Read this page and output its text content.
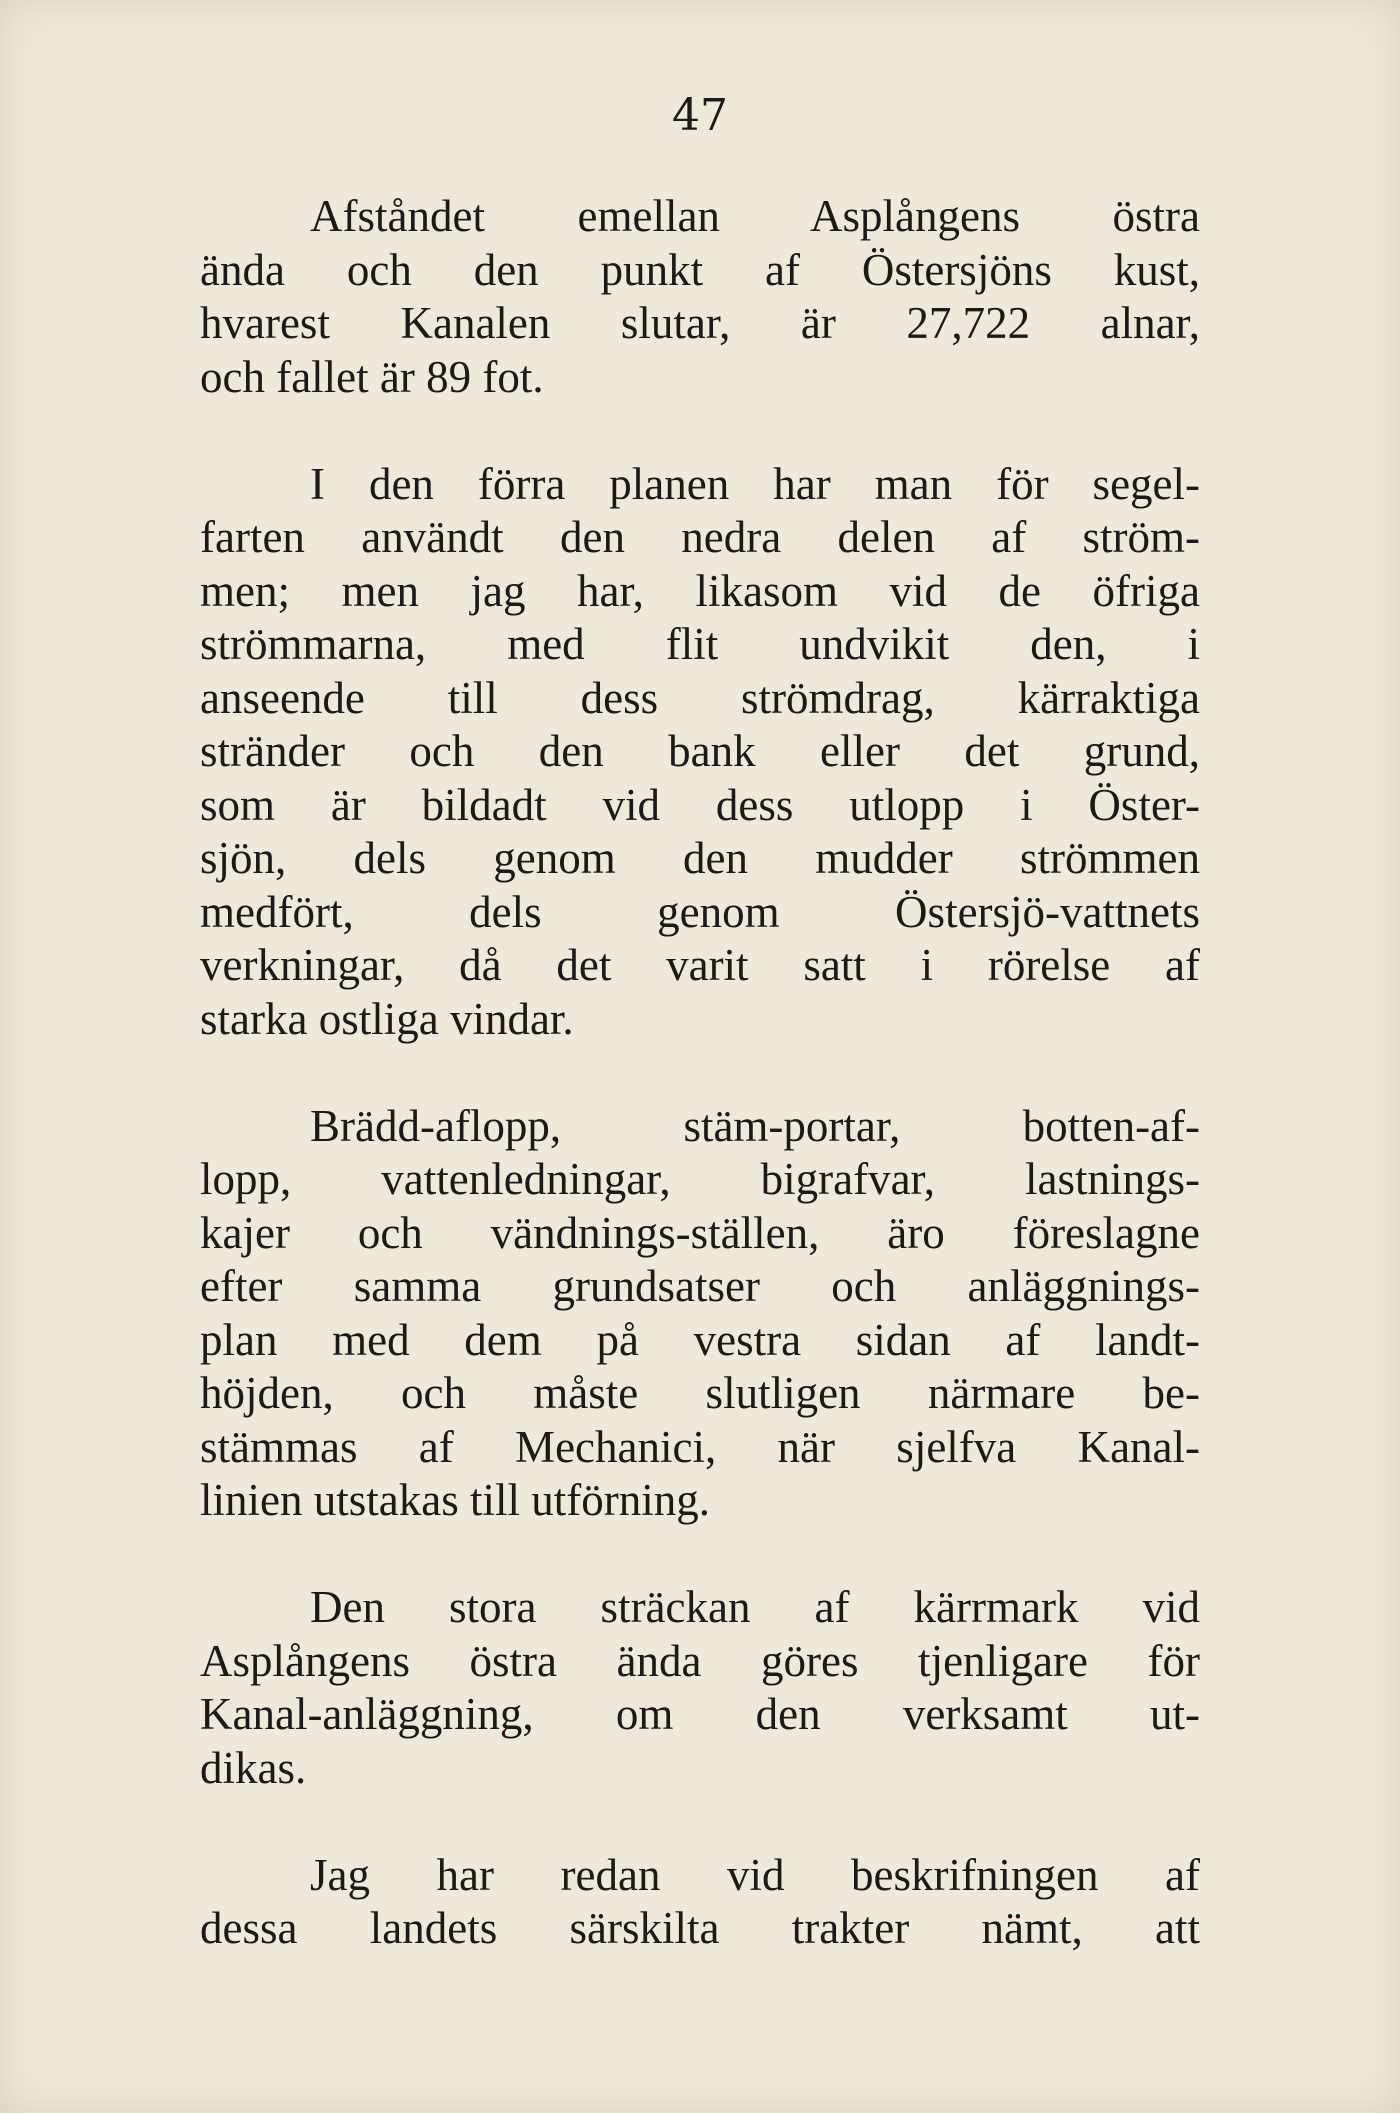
47

Afståndet emellan Asplångens östra
ända och den punkt af Östersjöns kust,
hvarest Kanalen slutar, är 27,722 alnar,
och fallet är 89 fot.
I den förra planen har man för segel-
farten användt den nedra delen af ström-
men; men jag har, likasom vid de öfriga
strömmarna, med flit undvikit den, i
anseende till dess strömdrag, kärraktiga
stränder och den bank eller det grund,
som är bildadt vid dess utlopp i Öster-
sjön, dels genom den mudder strömmen
medfört, dels genom Östersjö-vattnets
verkningar, då det varit satt i rörelse af
starka ostliga vindar.
Brädd-aflopp, stäm-portar, botten-af-
lopp, vattenledningar, bigrafvar, lastnings-
kajer och vändnings-ställen, äro föreslagne
efter samma grundsatser och anläggnings-
plan med dem på vestra sidan af landt-
höjden, och måste slutligen närmare be-
stämmas af Mechanici, när sjelfva Kanal-
linien utstakas till utförning.
Den stora sträckan af kärrmark vid
Asplångens östra ända göres tjenligare för
Kanal-anläggning, om den verksamt ut-
dikas.
Jag har redan vid beskrifningen af
dessa landets särskilta trakter nämt, att
